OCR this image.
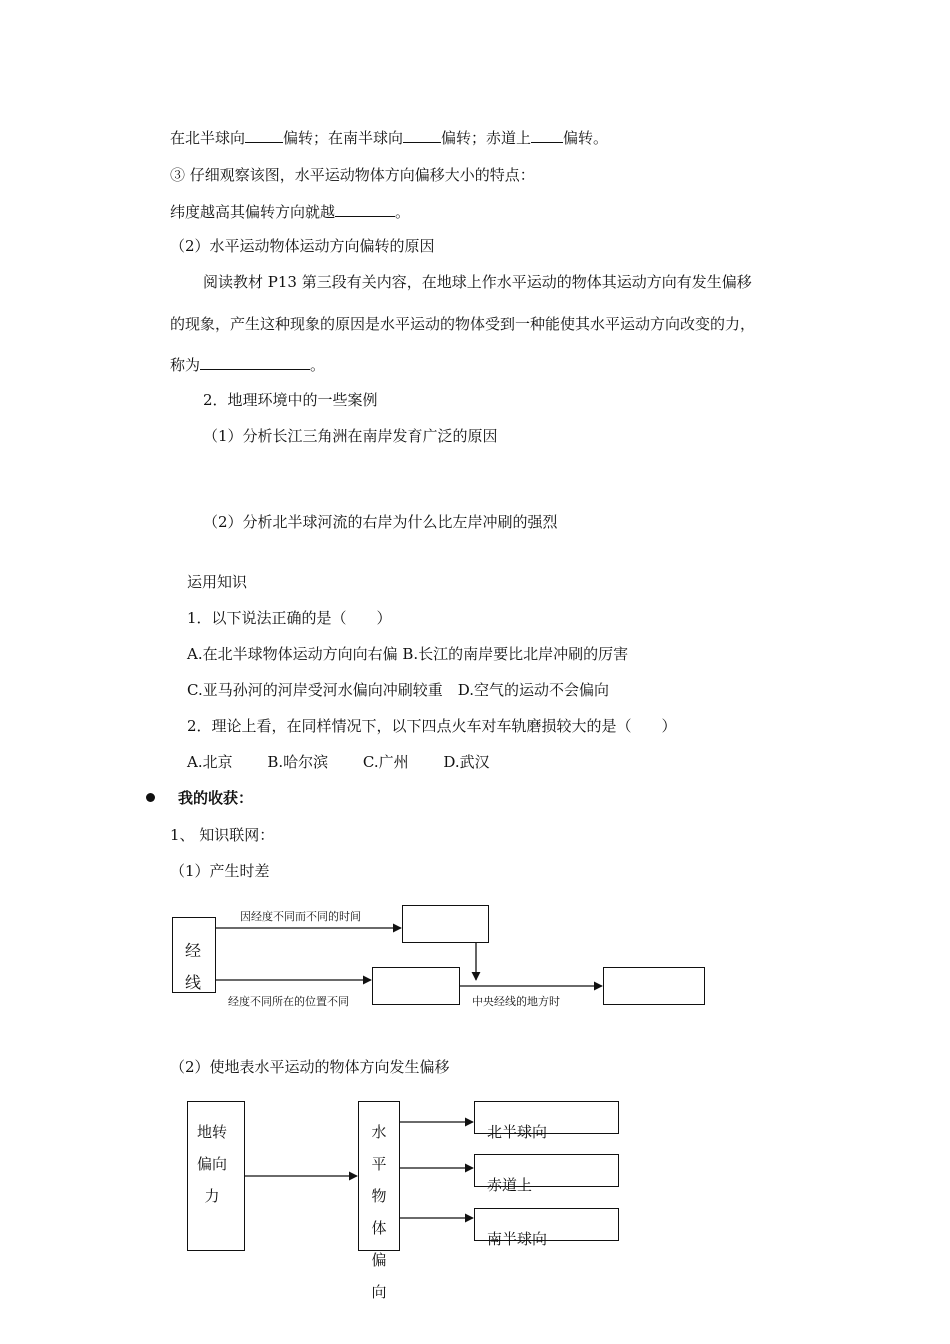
在北半球向	偏转；在南半球向	偏转；赤道上 偏转。
③ 仔细观察该图，水平运动物体方向偏移大小的特点：
纬度越高其偏转方向就越	。
（2）水平运动物体运动方向偏转的原因
阅读教材 P13 第三段有关内容，在地球上作水平运动的物体其运动方向有发生偏移
的现象，产生这种现象的原因是水平运动的物体受到一种能使其水平运动方向改变的力，
称为	。
2．地理环境中的一些案例
（1）分析长江三角洲在南岸发育广泛的原因
（2）分析北半球河流的右岸为什么比左岸冲刷的强烈
运用知识
1．以下说法正确的是（　　）
A.在北半球物体运动方向向右偏 B.长江的南岸要比北岸冲刷的厉害
C.亚马孙河的河岸受河水偏向冲刷较重　D.空气的运动不会偏向
2．理论上看，在同样情况下，以下四点火车对车轨磨损较大的是（　　）
A.北京　　 B.哈尔滨　　 C.广州　　 D.武汉
我的收获：
1、 知识联网：
（1）产生时差
经线
因经度不同而不同的时间
经度不同所在的位置不同	中央经线的地方时
（2）使地表水平运动的物体方向发生偏移
地转偏向力
水平物体偏向
北半球向
赤道上
南半球向
